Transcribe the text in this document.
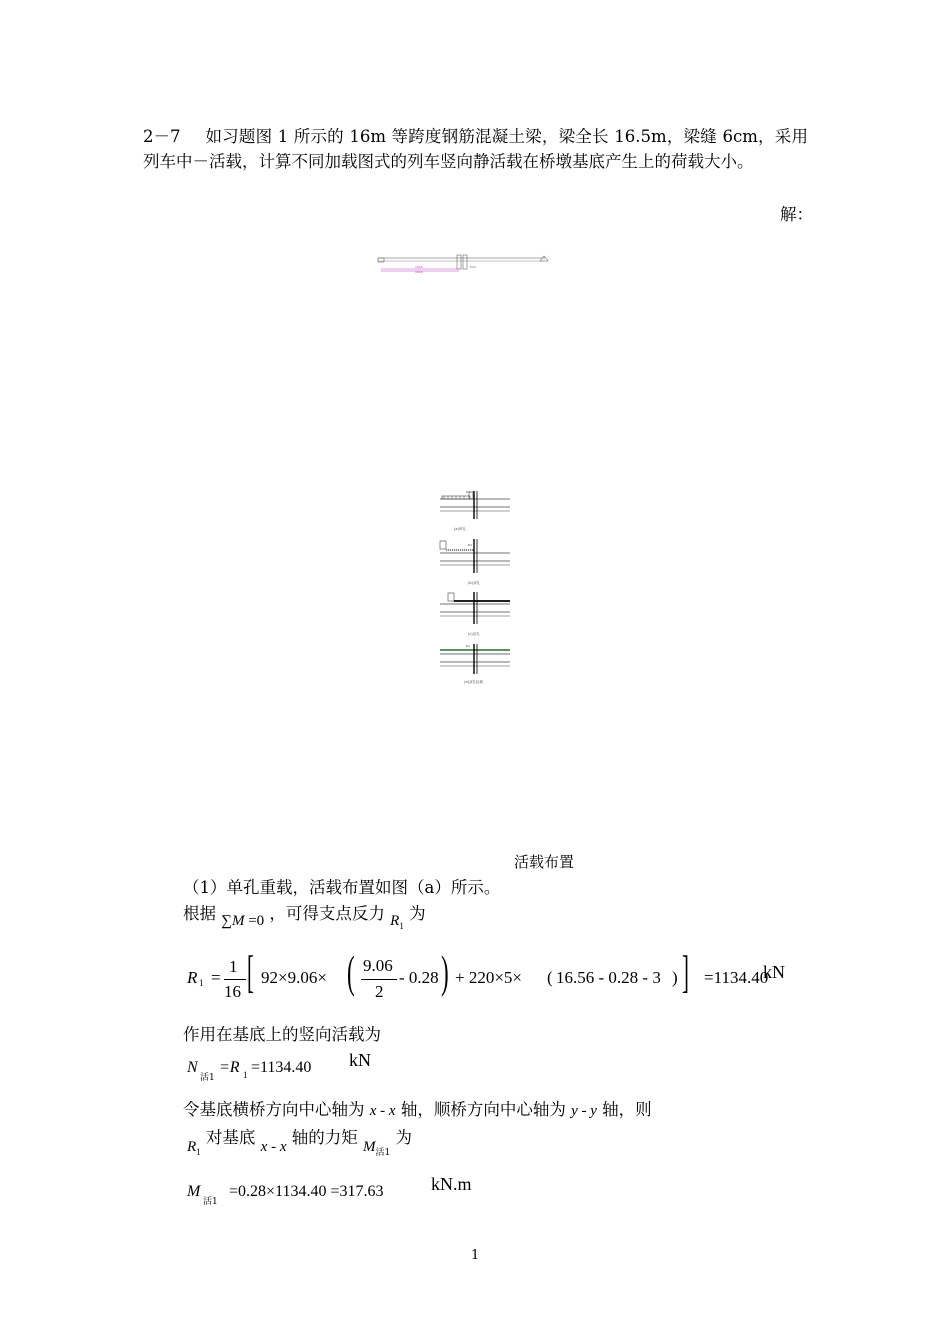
2－7 如习题图 1 所示的 16m 等跨度钢筋混凝土梁，梁全长 16.5m，梁缝 6cm，采用列车中－活载，计算不同加载图式的列车竖向静活载在桥墩基底产生上的荷载大小。
解：
1650
1600
5cm
R1
(a)单孔
R1
(b)双孔
(c)双孔
R1
(d)双孔轻载
活载布置
（1）单孔重载，活载布置如图（a）所示。
根据 ∑M =0 ，可得支点反力 $R_1$ 为
R 1 =
1
16 [ 92×9.06× ( 9.06
2
- 0.28 ) + 220×5× ( 16.56 - 0.28 - 3 ) ] =1134.40
kN
作用在基底上的竖向活载为
N
活1
=R 1 =1134.40 kN
令基底横桥方向中心轴为 x - x 轴，顺桥方向中心轴为 y - y 轴，则
$R_1$ 对基底 x - x 轴的力矩 $M_{活1}$ 为
M
活1
=0.28×1134.40 =317.63	kN.m
1
